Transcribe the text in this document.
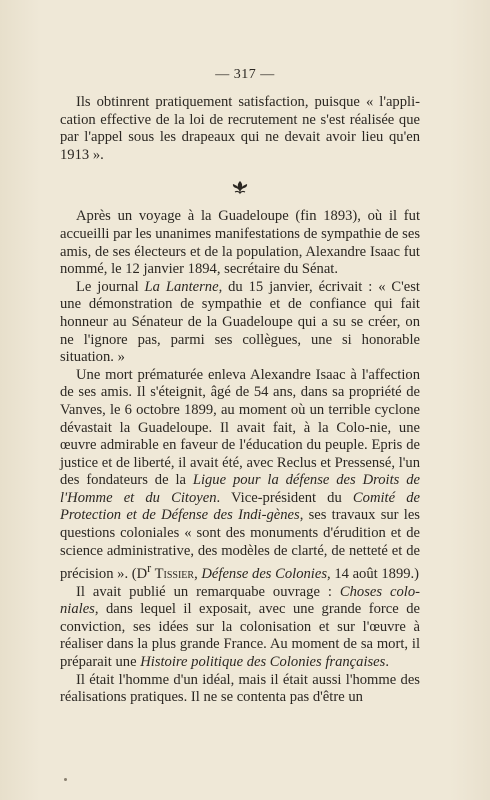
— 317 —

Ils obtinrent pratiquement satisfaction, puisque « l'appli-cation effective de la loi de recrutement ne s'est réalisée que par l'appel sous les drapeaux qui ne devait avoir lieu qu'en 1913 ».

Après un voyage à la Guadeloupe (fin 1893), où il fut accueilli par les unanimes manifestations de sympathie de ses amis, de ses électeurs et de la population, Alexandre Isaac fut nommé, le 12 janvier 1894, secrétaire du Sénat.

Le journal La Lanterne, du 15 janvier, écrivait : « C'est une démonstration de sympathie et de confiance qui fait honneur au Sénateur de la Guadeloupe qui a su se créer, on ne l'ignore pas, parmi ses collègues, une si honorable situation. »

Une mort prématurée enleva Alexandre Isaac à l'affection de ses amis. Il s'éteignit, âgé de 54 ans, dans sa propriété de Vanves, le 6 octobre 1899, au moment où un terrible cyclone dévastait la Guadeloupe. Il avait fait, à la Colo-nie, une œuvre admirable en faveur de l'éducation du peuple. Epris de justice et de liberté, il avait été, avec Reclus et Pressensé, l'un des fondateurs de la Ligue pour la défense des Droits de l'Homme et du Citoyen. Vice-président du Comité de Protection et de Défense des Indi-gènes, ses travaux sur les questions coloniales « sont des monuments d'érudition et de science administrative, des modèles de clarté, de netteté et de précision ». ($D^r$ Tissier, Défense des Colonies, 14 août 1899.)

Il avait publié un remarquabe ouvrage : Choses colo-niales, dans lequel il exposait, avec une grande force de conviction, ses idées sur la colonisation et sur l'œuvre à réaliser dans la plus grande France. Au moment de sa mort, il préparait une Histoire politique des Colonies françaises.

Il était l'homme d'un idéal, mais il était aussi l'homme des réalisations pratiques. Il ne se contenta pas d'être un
